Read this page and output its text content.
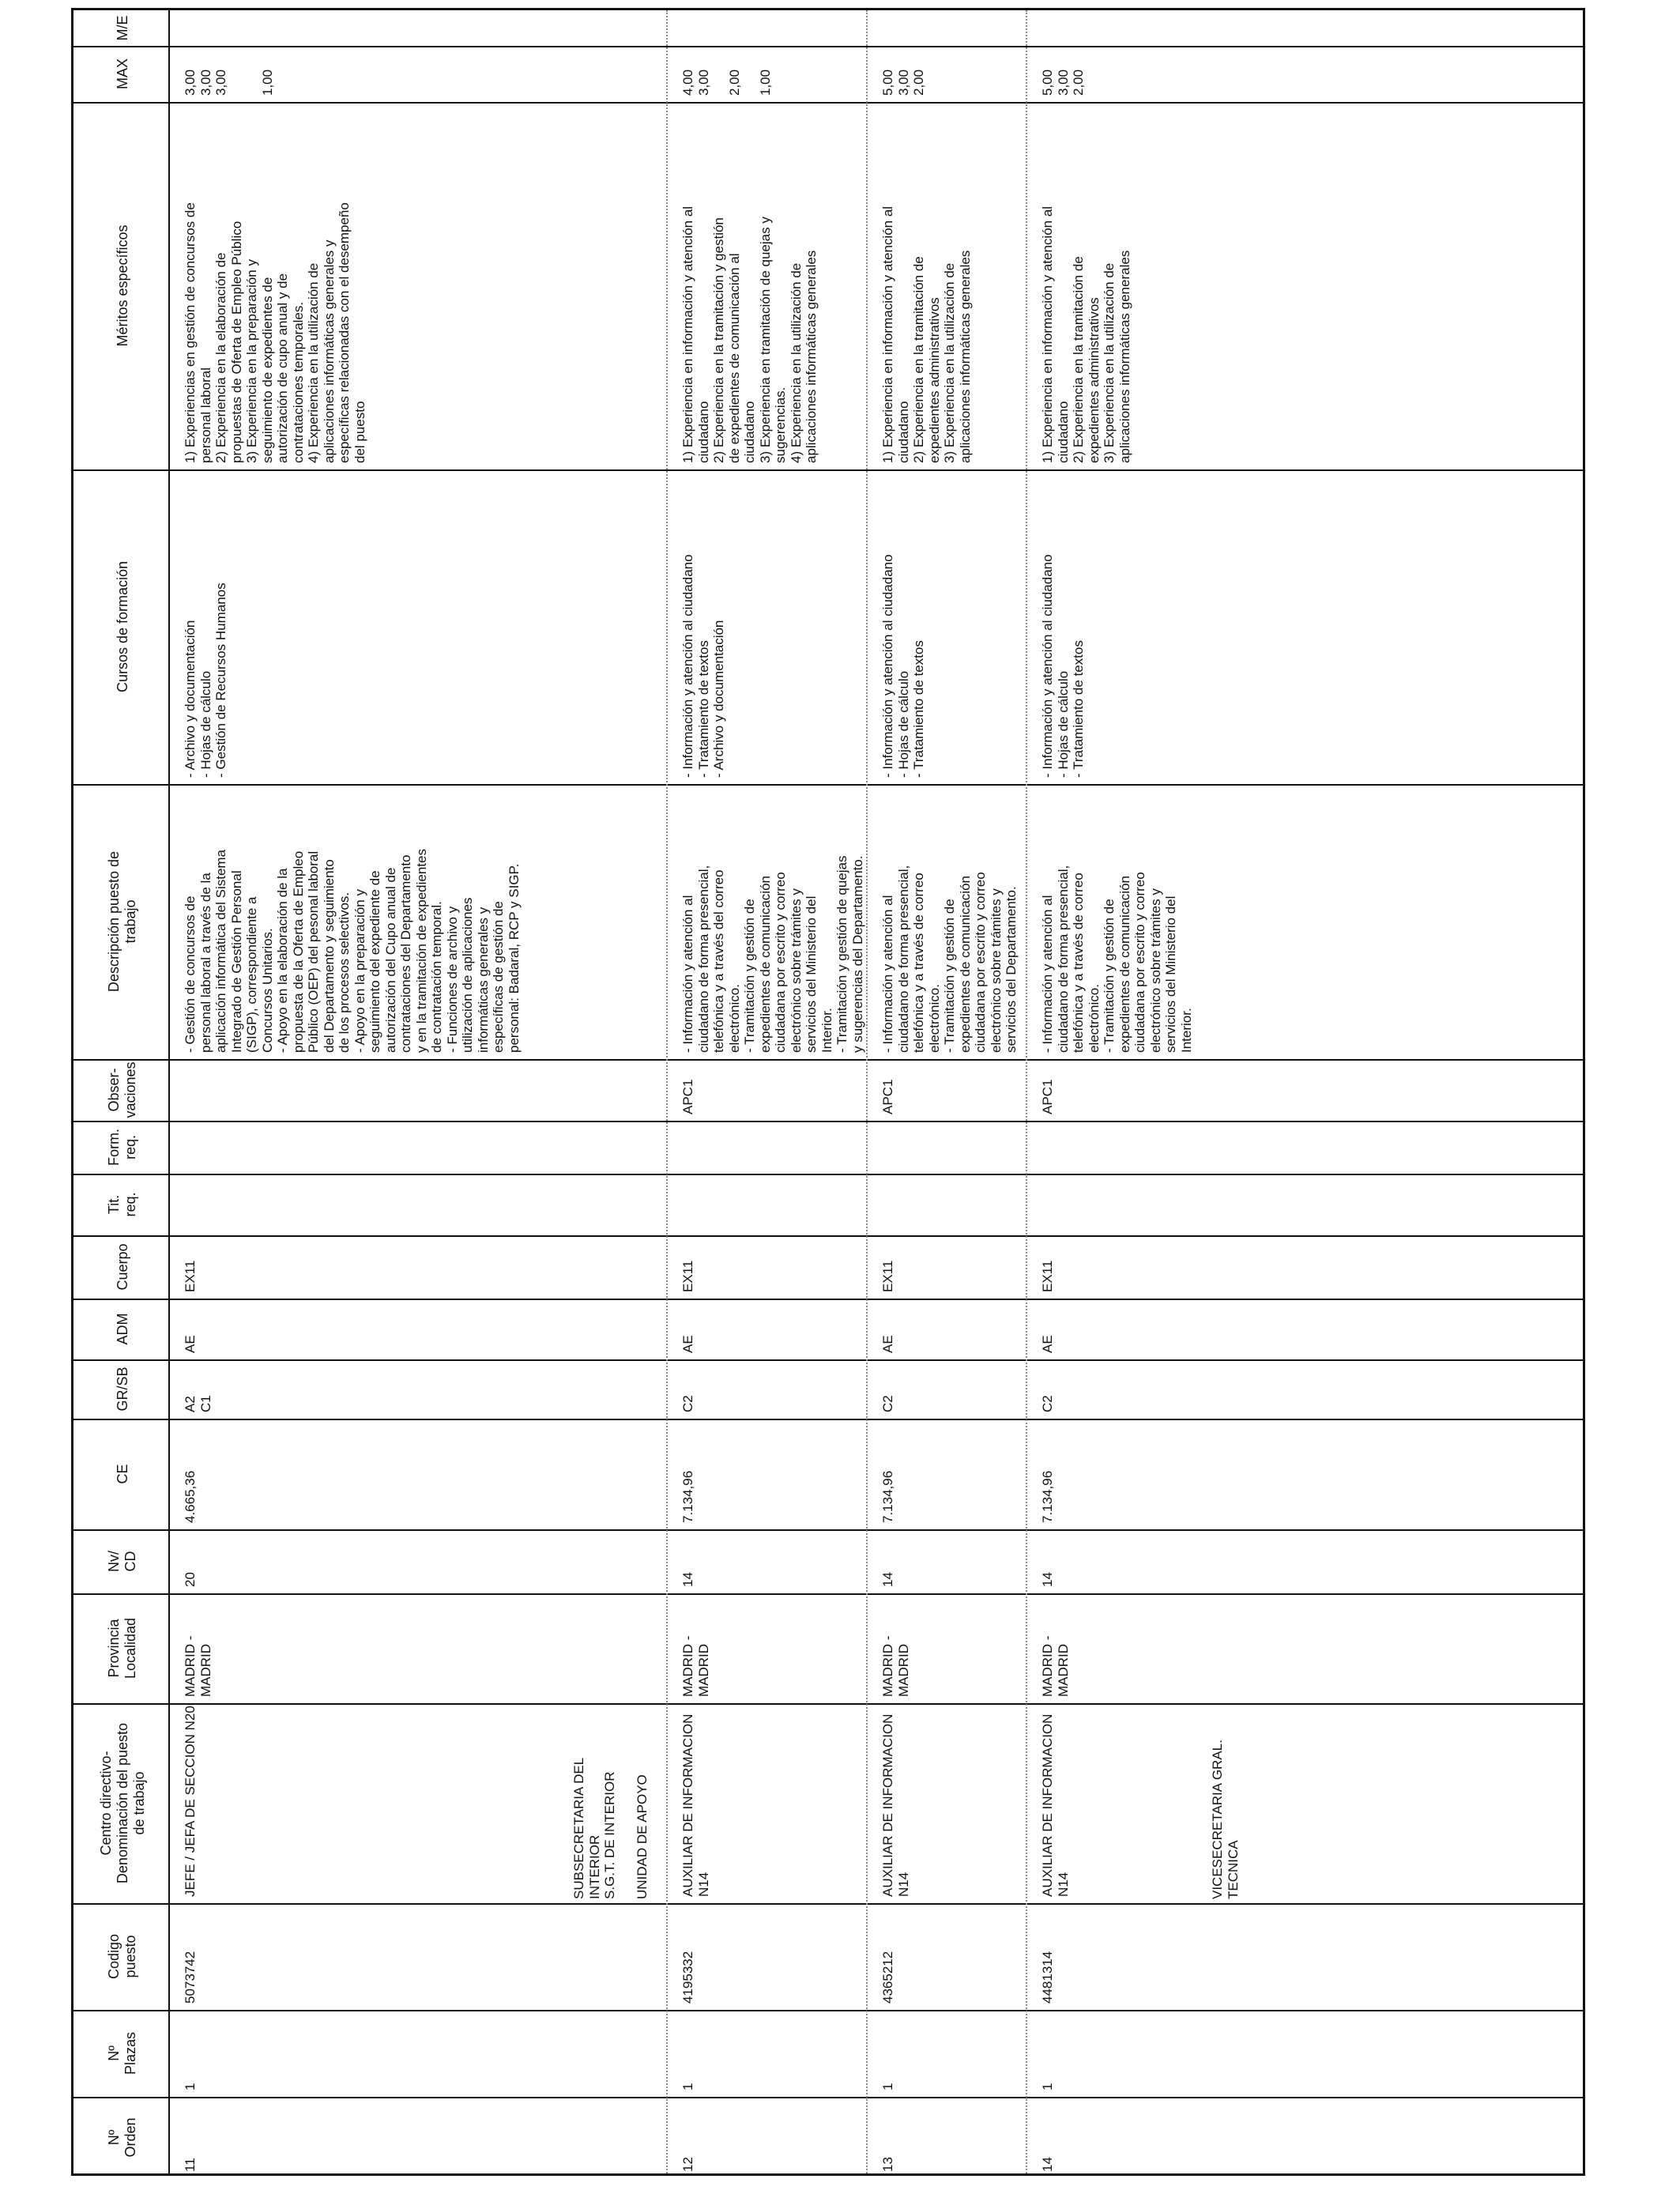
Nº Orden
Nº Plazas
Codigo puesto
Centro directivo- Denominación del puesto de trabajo
Provincia Localidad
Nv/ CD
CE
GR/SB
ADM
Cuerpo
Tit. req.
Form. req.
Obser- vaciones
Descripción puesto de trabajo
Cursos de formación
Méritos específicos
MAX
M/E
11
1
5073742
JEFE / JEFA DE SECCION N20
MADRID - MADRID
20
4.665,36
A2 C1
AE
EX11
- Gestión de concursos de personal laboral a través de la aplicación informática del Sistema Integrado de Gestión Personal (SIGP), correspondiente a Concursos Unitarios. - Apoyo en la elaboración de la propuesta de la Oferta de Empleo Público (OEP) del pesonal laboral del Departamento y seguimiento de los procesos selectivos. - Apoyo en la preparación y seguimiento del expediente de autorización del Cupo anual de contrataciones del Departamento y en la tramitación de expedientes de contratación temporal. - Funciones de archivo y utilización de aplicaciones informáticas generales y específicas de gestión de personal: Badaral, RCP y SIGP.
- Archivo y documentación - Hojas de cálculo - Gestión de Recursos Humanos
1) Experiencias en gestión de concursos de personal laboral 2) Experiencia en la elaboración de propuestas de Oferta de Empleo Público 3) Experiencia en la preparación y seguimiento de expedientes de autorización de cupo anual y de contrataciones temporales. 4) Experiencia en la utilización de aplicaciones informáticas generales y específicas relacionadas con el desempeño del puesto
3,00 3,00 3,00

1,00
12
1
4195332
AUXILIAR DE INFORMACION N14
MADRID - MADRID
14
7.134,96
C2
AE
EX11
APC1
- Información y atención al ciudadano de forma presencial, telefónica y a través del correo electrónico. - Tramitación y gestión de expedientes de comunicación ciudadana por escrito y correo electrónico sobre trámites y servicios del Ministerio del Interior. - Tramitación y gestión de quejas y sugerencias del Departamento.
- Información y atención al ciudadano - Tratamiento de textos - Archivo y documentación
1) Experiencia en información y atención al ciudadano 2) Experiencia en la tramitación y gestión de expedientes de comunicación al ciudadano 3) Experiencia en tramitación de quejas y sugerencias. 4) Experiencia en la utilización de aplicaciones informáticas generales
4,00 3,00
2,00
1,00
13
1
4365212
AUXILIAR DE INFORMACION N14
MADRID - MADRID
14
7.134,96
C2
AE
EX11
APC1
- Información y atención al ciudadano de forma presencial, telefónica y a través de correo electrónico. - Tramitación y gestión de expedientes de comunicación ciudadana por escrito y correo electrónico sobre trámites y servicios del Departamento.
- Información y atención al ciudadano - Hojas de cálculo - Tratamiento de textos
1) Experiencia en información y atención al ciudadano 2) Experiencia en la tramitación de expedientes administrativos 3) Experiencia en la utilización de aplicaciones informáticas generales
5,00 3,00 2,00
14
1
4481314
AUXILIAR DE INFORMACION N14
MADRID - MADRID
14
7.134,96
C2
AE
EX11
APC1
- Información y atención al ciudadano de forma presencial, telefónica y a través de correo electrónico. - Tramitación y gestión de expedientes de comunicación ciudadana por escrito y correo electrónico sobre trámites y servicios del Ministerio del Interior.
- Información y atención al ciudadano - Hojas de cálculo - Tratamiento de textos
1) Experiencia en información y atención al ciudadano 2) Experiencia en la tramitación de expedientes administrativos 3) Experiencia en la utilización de aplicaciones informáticas generales
5,00 3,00 2,00
SUBSECRETARIA DEL INTERIOR S.G.T. DE INTERIOR UNIDAD DE APOYO	VICESECRETARIA GRAL. TECNICA
